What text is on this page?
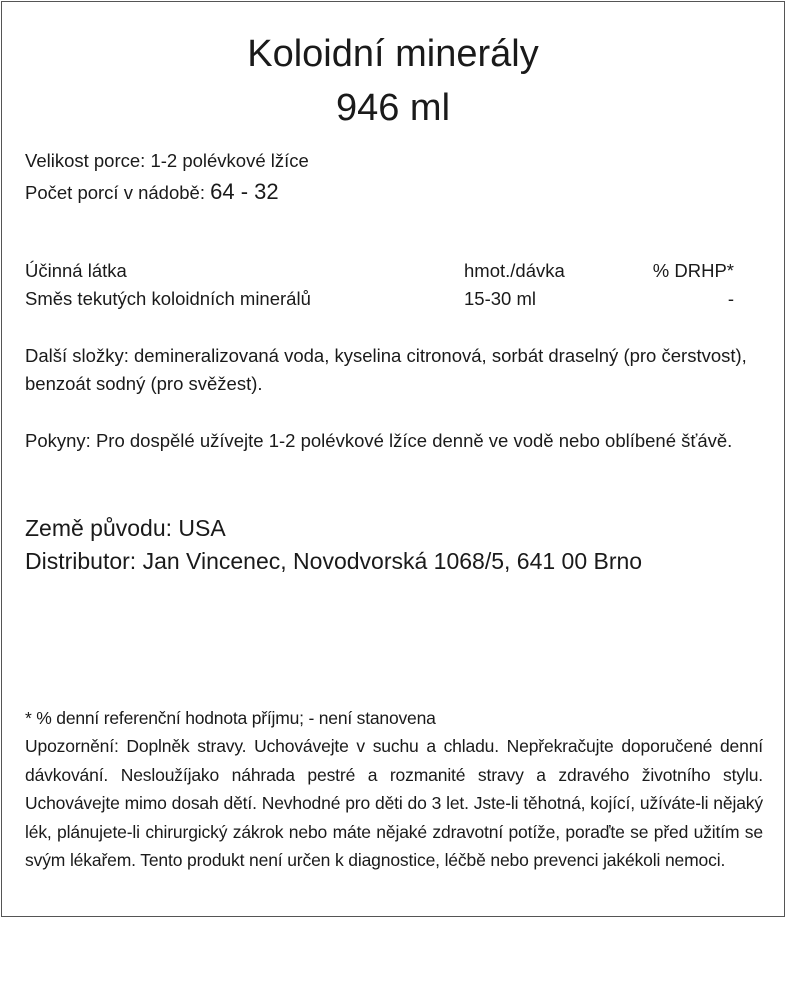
Koloidní minerály
946 ml
Velikost porce: 1-2 polévkové lžíce
Počet porcí v nádobě: 64 - 32
Účinná látka	hmot./dávka	% DRHP*
Směs tekutých koloidních minerálů	15-30 ml	-
Další složky: demineralizovaná voda, kyselina citronová, sorbát draselný (pro čerstvost), benzoát sodný (pro svěžest).
Pokyny: Pro dospělé užívejte 1-2 polévkové lžíce denně ve vodě nebo oblíbené šťávě.
Země původu: USA
Distributor: Jan Vincenec, Novodvorská 1068/5, 641 00 Brno
* % denní referenční hodnota příjmu; - není stanovena
Upozornění: Doplněk stravy. Uchovávejte v suchu a chladu. Nepřekračujte doporučené denní dávkování. Nesloužíjako náhrada pestré a rozmanité stravy a zdravého životního stylu. Uchovávejte mimo dosah dětí. Nevhodné pro děti do 3 let. Jste-li těhotná, kojící, užíváte-li nějaký lék, plánujete-li chirurgický zákrok nebo máte nějaké zdravotní potíže, poraďte se před užitím se svým lékařem. Tento produkt není určen k diagnostice, léčbě nebo prevenci jakékoli nemoci.
